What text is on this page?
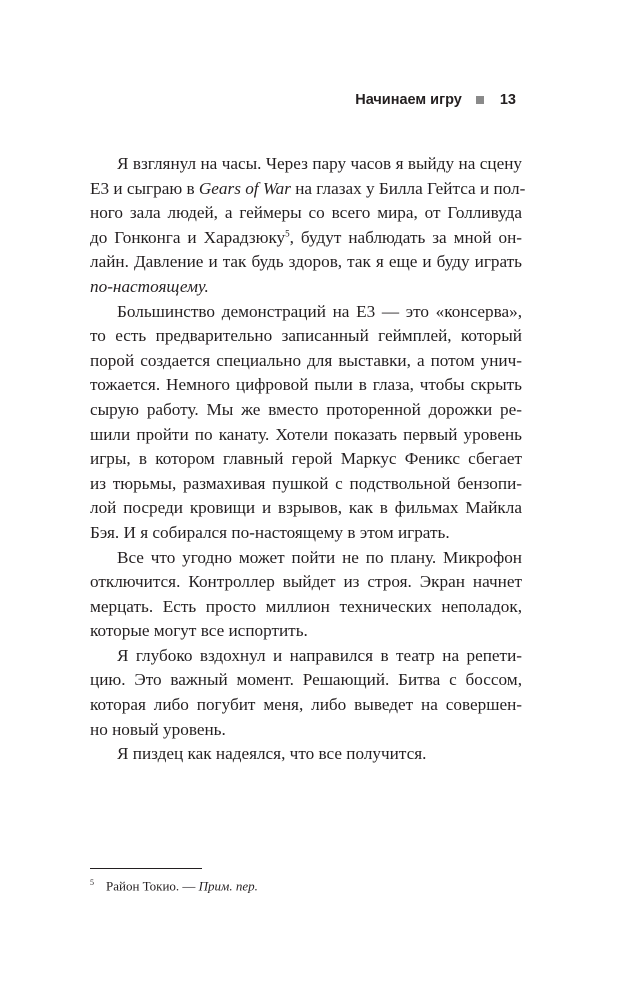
Начинаем игру	13
Я взглянул на часы. Через пару часов я выйду на сцену
E3 и сыграю в Gears of War на глазах у Билла Гейтса и пол-
ного зала людей, а геймеры со всего мира, от Голливуда
до Гонконга и Харадзюку$^5$, будут наблюдать за мной он-
лайн. Давление и так будь здоров, так я еще и буду играть
по-настоящему.
Большинство демонстраций на E3 — это «консерва»,
то есть предварительно записанный геймплей, который
порой создается специально для выставки, а потом унич-
тожается. Немного цифровой пыли в глаза, чтобы скрыть
сырую работу. Мы же вместо проторенной дорожки ре-
шили пройти по канату. Хотели показать первый уровень
игры, в котором главный герой Маркус Феникс сбегает
из тюрьмы, размахивая пушкой с подствольной бензопи-
лой посреди кровищи и взрывов, как в фильмах Майкла
Бэя. И я собирался по-настоящему в этом играть.
Все что угодно может пойти не по плану. Микрофон
отключится. Контроллер выйдет из строя. Экран начнет
мерцать. Есть просто миллион технических неполадок,
которые могут все испортить.
Я глубоко вздохнул и направился в театр на репети-
цию. Это важный момент. Решающий. Битва с боссом,
которая либо погубит меня, либо выведет на совершен-
но новый уровень.
Я пиздец как надеялся, что все получится.
$^5$ Район Токио. — Прим. пер.
